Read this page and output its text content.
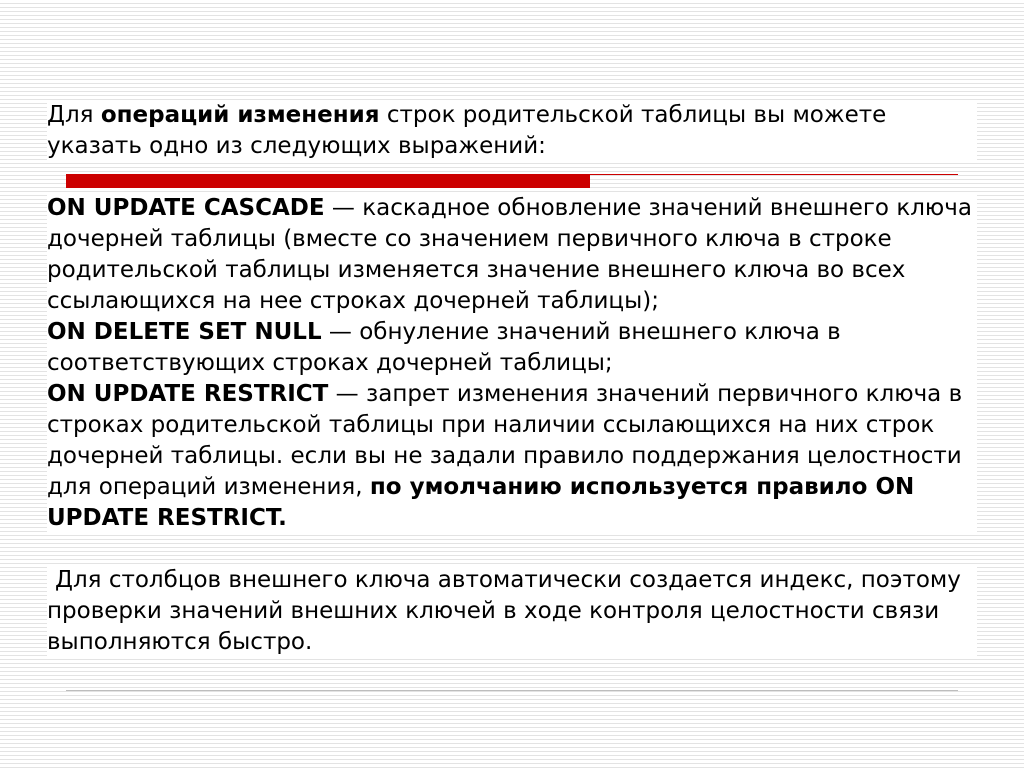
Для операций изменения строк родительской таблицы вы можете указать одно из следующих выражений:

ON UPDATE CASCADE — каскадное обновление значений внешнего ключа дочерней таблицы (вместе со значением первичного ключа в строке родительской таблицы изменяется значение внешнего ключа во всех ссылающихся на нее строках дочерней таблицы);

ON DELETE SET NULL — обнуление значений внешнего ключа в соответствующих строках дочерней таблицы;

ON UPDATE RESTRICT — запрет изменения значений первичного ключа в строках родительской таблицы при наличии ссылающихся на них строк дочерней таблицы. если вы не задали правило поддержания целостности для операций изменения, по умолчанию используется правило ON UPDATE RESTRICT.

Для столбцов внешнего ключа автоматически создается индекс, поэтому проверки значений внешних ключей в ходе контроля целостности связи выполняются быстро.
